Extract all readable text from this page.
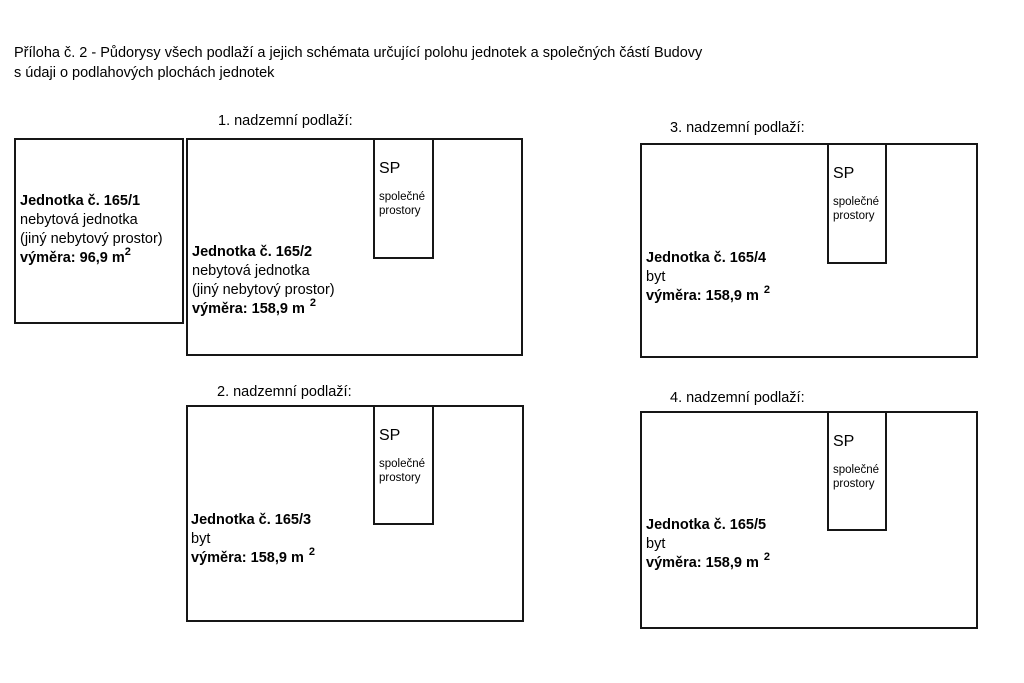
Příloha č. 2 - Půdorysy všech podlaží a jejich schémata určující polohu jednotek a společných částí Budovy
s údaji o podlahových plochách jednotek
1. nadzemní podlaží:
SP
společné
prostory
Jednotka č. 165/1
nebytová jednotka
(jiný nebytový prostor)
výměra: 96,9 $m^2$	Jednotka č. 165/2
nebytová jednotka
(jiný nebytový prostor)
výměra: 158,9 m $^2$
2. nadzemní podlaží:
SP
společné
prostory
Jednotka č. 165/3
byt
výměra: 158,9 m $^2$
3. nadzemní podlaží:
SP
společné
prostory
Jednotka č. 165/4
byt
výměra: 158,9 m $^2$
4. nadzemní podlaží:
SP
společné
prostory
Jednotka č. 165/5
byt
výměra: 158,9 m $^2$
